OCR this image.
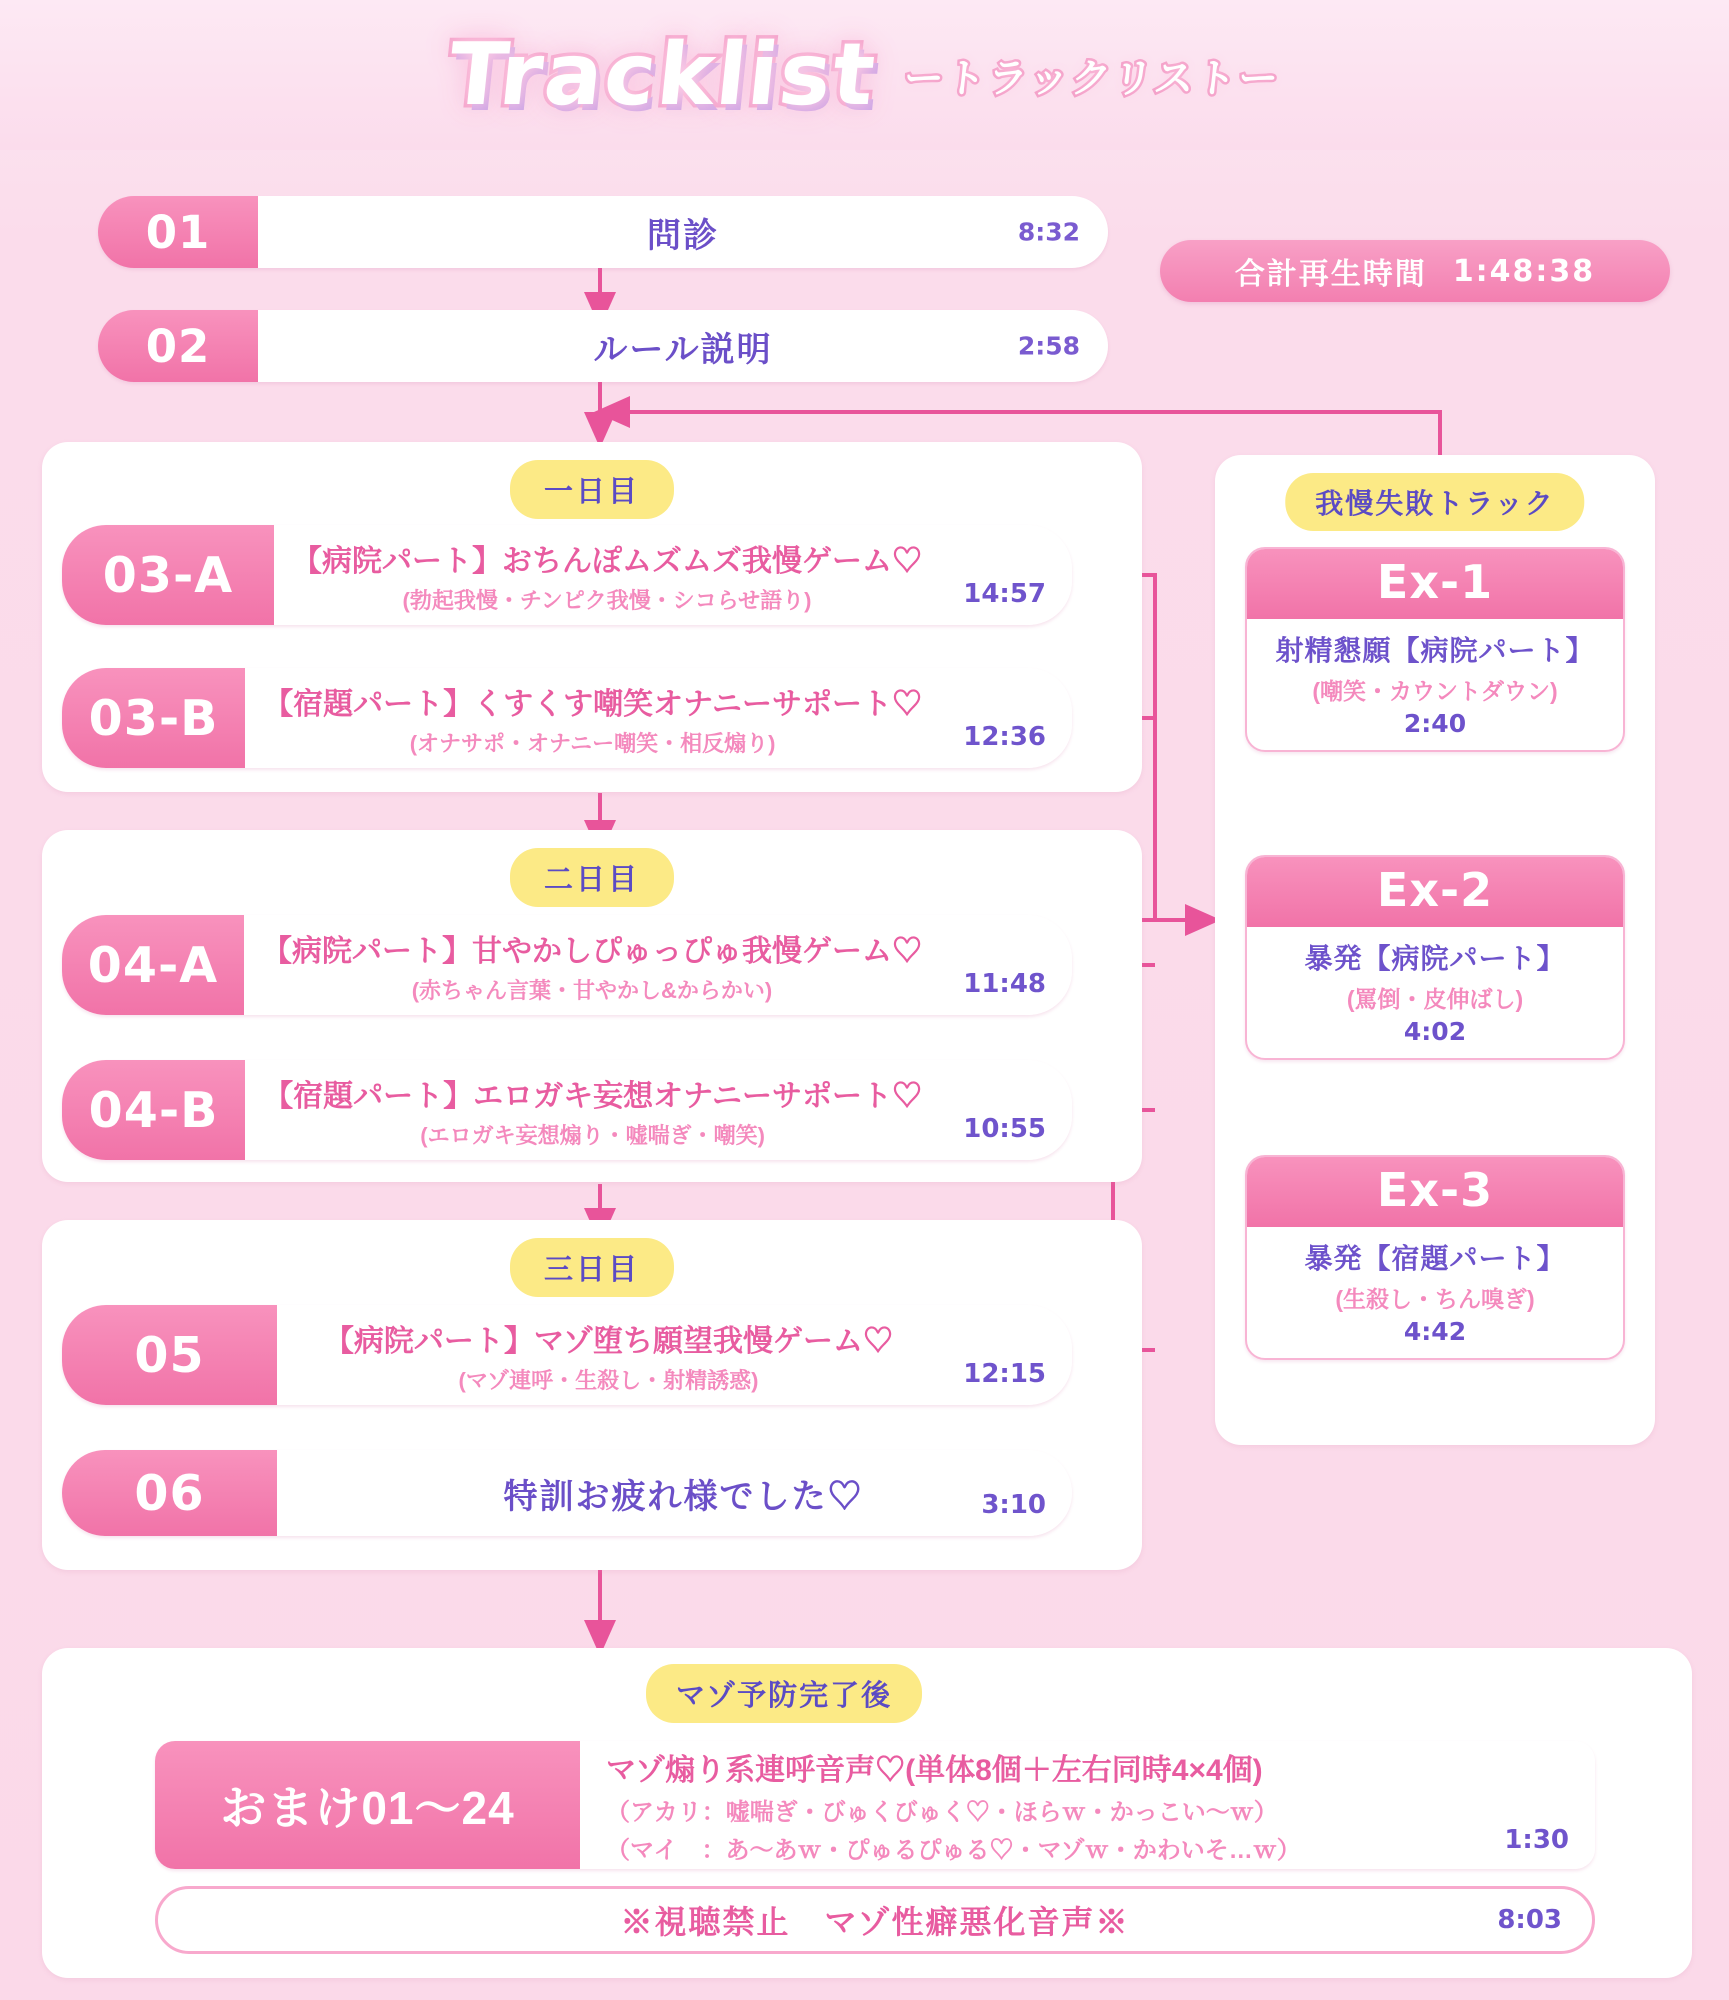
Tracklist ートラックリストー
01	問診	8:32
02	ルール説明	2:58
合計再生時間 1:48:38
一日目
03-A	【病院パート】おちんぽムズムズ我慢ゲーム♡
(勃起我慢・チンピク我慢・シコらせ語り)	14:57
03-B	【宿題パート】くすくす嘲笑オナニーサポート♡
(オナサポ・オナニー嘲笑・相反煽り)	12:36
二日目
04-A	【病院パート】甘やかしぴゅっぴゅ我慢ゲーム♡
(赤ちゃん言葉・甘やかし&からかい)	11:48
04-B	【宿題パート】エロガキ妄想オナニーサポート♡
(エロガキ妄想煽り・嘘喘ぎ・嘲笑)	10:55
三日目
05	【病院パート】マゾ堕ち願望我慢ゲーム♡
(マゾ連呼・生殺し・射精誘惑)	12:15
06	特訓お疲れ様でした♡	3:10
我慢失敗トラック
Ex-1
射精懇願【病院パート】
(嘲笑・カウントダウン)
2:40
Ex-2
暴発【病院パート】
(罵倒・皮伸ばし)
4:02
Ex-3
暴発【宿題パート】
(生殺し・ちん嗅ぎ)
4:42
マゾ予防完了後
おまけ01〜24
マゾ煽り系連呼音声♡(単体8個＋左右同時4×4個)
（アカリ：嘘喘ぎ・びゅくびゅく♡・ほらｗ・かっこい〜ｗ）
（マイ　：あ〜あｗ・ぴゅるぴゅる♡・マゾｗ・かわいそ…ｗ）	1:30
※視聴禁止　マゾ性癖悪化音声※	8:03
